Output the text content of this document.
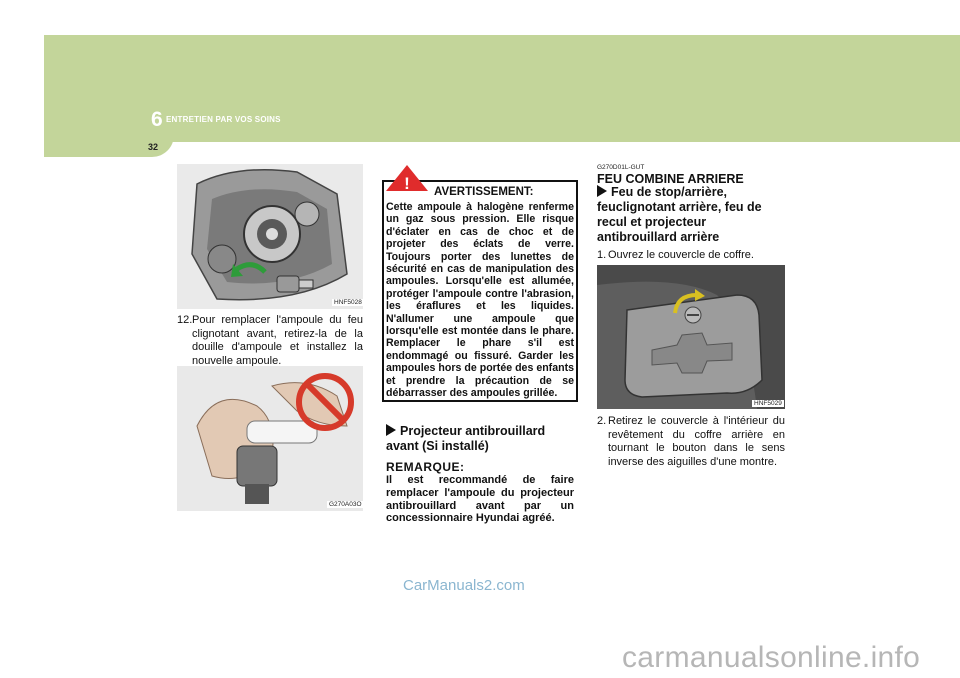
6 ENTRETIEN PAR VOS SOINS
32
HNF5028
12. Pour remplacer l'ampoule du feu clignotant avant, retirez-la de la douille d'ampoule et installez la nouvelle ampoule.
G270A03O
! AVERTISSEMENT:
Cette ampoule à halogène renferme un gaz sous pression. Elle risque d'éclater en cas de choc et de projeter des éclats de verre. Toujours porter des lunettes de sécurité en cas de manipulation des ampoules. Lorsqu'elle est allumée, protéger l'ampoule contre l'abrasion, les éraflures et les liquides. N'allumer une ampoule que lorsqu'elle est montée dans le phare. Remplacer le phare s'il est endommagé ou fissuré. Garder les ampoules hors de portée des enfants et prendre la précaution de se débarrasser des ampoules grillée.
Projecteur antibrouillard avant (Si installé)
REMARQUE:
Il est recommandé de faire remplacer l'ampoule du projecteur antibrouillard avant par un concessionnaire Hyundai agréé.
G270D01L-GUT
FEU COMBINE ARRIERE
Feu de stop/arrière, feuclignotant arrière, feu de recul et projecteur antibrouillard arrière
1. Ouvrez le couvercle de coffre.
HNF5029
2. Retirez le couvercle à l'intérieur du revêtement du coffre arrière en tournant le bouton dans le sens inverse des aiguilles d'une montre.
CarManuals2.com
carmanualsonline.info
